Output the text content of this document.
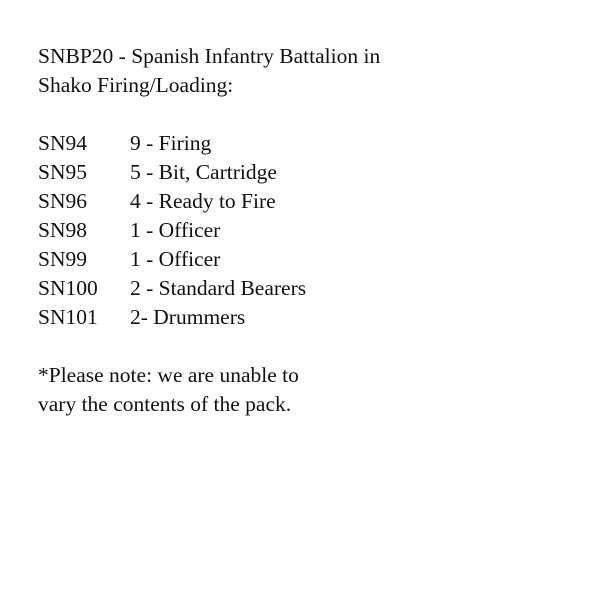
SNBP20 - Spanish Infantry Battalion in
Shako Firing/Loading:
SN94	9 - Firing
SN95	5 - Bit, Cartridge
SN96	4 - Ready to Fire
SN98	1 - Officer
SN99	1 - Officer
SN100	2 - Standard Bearers
SN101	2- Drummers
*Please note: we are unable to
vary the contents of the pack.
